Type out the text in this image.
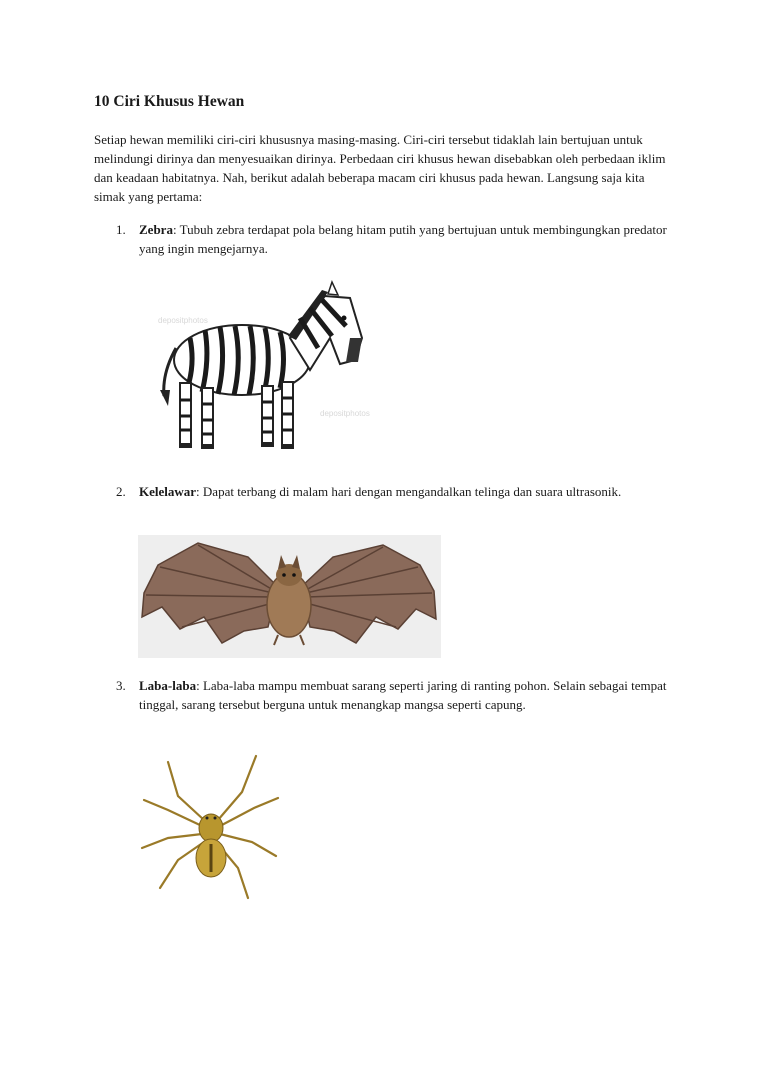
10 Ciri Khusus Hewan

Setiap hewan memiliki ciri-ciri khususnya masing-masing. Ciri-ciri tersebut tidaklah lain bertujuan untuk melindungi dirinya dan menyesuaikan dirinya. Perbedaan ciri khusus hewan disebabkan oleh perbedaan iklim dan keadaan habitatnya. Nah, berikut adalah beberapa macam ciri khusus pada hewan. Langsung saja kita simak yang pertama:

1. Zebra: Tubuh zebra terdapat pola belang hitam putih yang bertujuan untuk membingungkan predator yang ingin mengejarnya.
depositphotos
depositphotos
2. Kelelawar: Dapat terbang di malam hari dengan mengandalkan telinga dan suara ultrasonik.
3. Laba-laba: Laba-laba mampu membuat sarang seperti jaring di ranting pohon. Selain sebagai tempat tinggal, sarang tersebut berguna untuk menangkap mangsa seperti capung.
